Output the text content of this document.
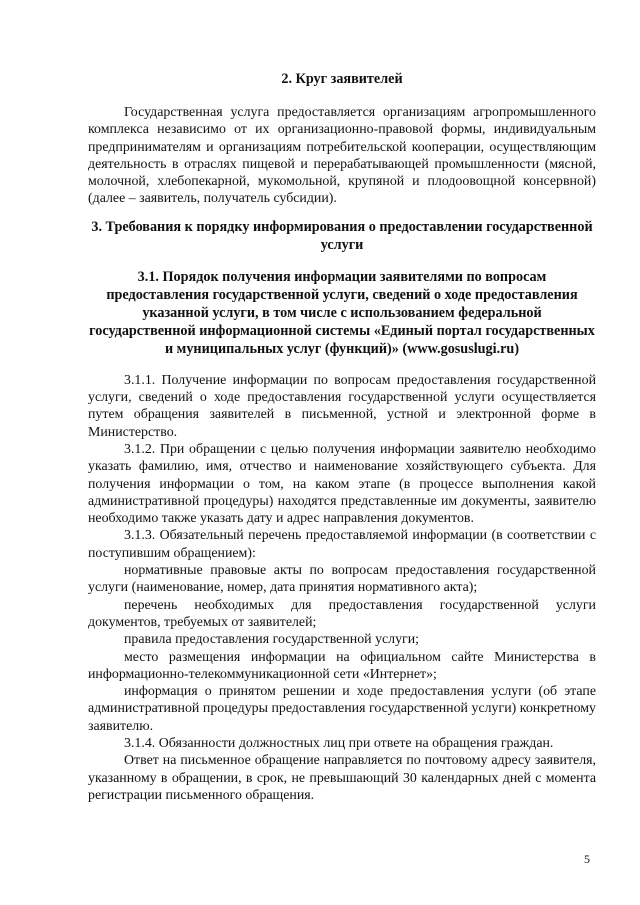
2. Круг заявителей

Государственная услуга предоставляется организациям агропромышленного комплекса независимо от их организационно-правовой формы, индивидуальным предпринимателям и организациям потребительской кооперации, осуществляющим деятельность в отраслях пищевой и перерабатывающей промышленности (мясной, молочной, хлебопекарной, мукомольной, крупяной и плодоовощной консервной) (далее – заявитель, получатель субсидии).

3. Требования к порядку информирования о предоставлении государственной услуги
3.1. Порядок получения информации заявителями по вопросам предоставления государственной услуги, сведений о ходе предоставления указанной услуги, в том числе с использованием федеральной государственной информационной системы «Единый портал государственных и муниципальных услуг (функций)» (www.gosuslugi.ru)

3.1.1. Получение информации по вопросам предоставления государственной услуги, сведений о ходе предоставления государственной услуги осуществляется путем обращения заявителей в письменной, устной и электронной форме в Министерство.

3.1.2. При обращении с целью получения информации заявителю необходимо указать фамилию, имя, отчество и наименование хозяйствующего субъекта. Для получения информации о том, на каком этапе (в процессе выполнения какой административной процедуры) находятся представленные им документы, заявителю необходимо также указать дату и адрес направления документов.

3.1.3. Обязательный перечень предоставляемой информации (в соответствии с поступившим обращением):

нормативные правовые акты по вопросам предоставления государственной услуги (наименование, номер, дата принятия нормативного акта);

перечень необходимых для предоставления государственной услуги документов, требуемых от заявителей;

правила предоставления государственной услуги;

место размещения информации на официальном сайте Министерства в информационно-телекоммуникационной сети «Интернет»;

информация о принятом решении и ходе предоставления услуги (об этапе административной процедуры предоставления государственной услуги) конкретному заявителю.

3.1.4. Обязанности должностных лиц при ответе на обращения граждан.

Ответ на письменное обращение направляется по почтовому адресу заявителя, указанному в обращении, в срок, не превышающий 30 календарных дней с момента регистрации письменного обращения.

5
